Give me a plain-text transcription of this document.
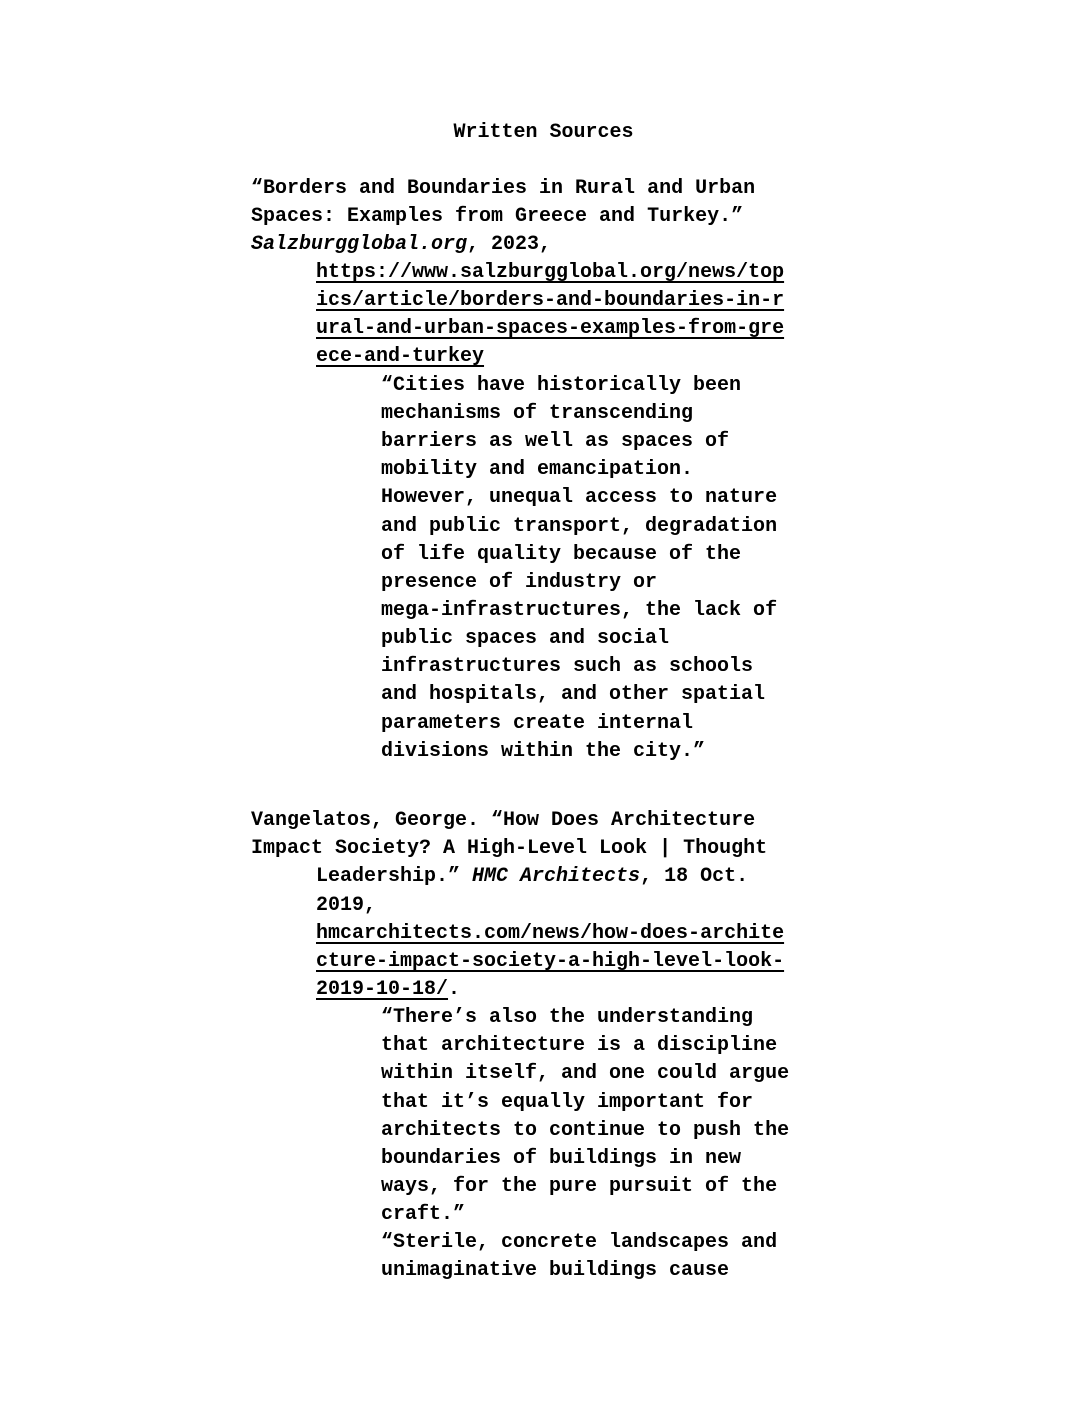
Written Sources
“Borders and Boundaries in Rural and Urban
Spaces: Examples from Greece and Turkey.”
Salzburgglobal.org, 2023,
https://www.salzburgglobal.org/news/top
ics/article/borders-and-boundaries-in-r
ural-and-urban-spaces-examples-from-gre
ece-and-turkey
“Cities have historically been
mechanisms of transcending
barriers as well as spaces of
mobility and emancipation.
However, unequal access to nature
and public transport, degradation
of life quality because of the
presence of industry or
mega-infrastructures, the lack of
public spaces and social
infrastructures such as schools
and hospitals, and other spatial
parameters create internal
divisions within the city.”
Vangelatos, George. “How Does Architecture
Impact Society? A High-Level Look | Thought
Leadership.” HMC Architects, 18 Oct.
2019,
hmcarchitects.com/news/how-does-archite
cture-impact-society-a-high-level-look-
2019-10-18/.
“There’s also the understanding
that architecture is a discipline
within itself, and one could argue
that it’s equally important for
architects to continue to push the
boundaries of buildings in new
ways, for the pure pursuit of the
craft.”
“Sterile, concrete landscapes and
unimaginative buildings cause
